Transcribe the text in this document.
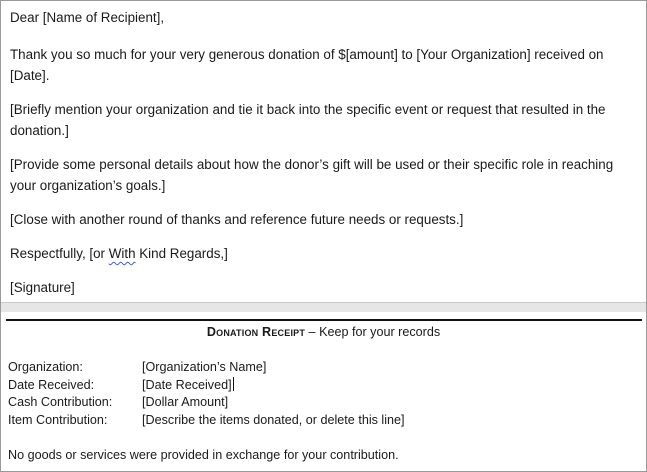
Dear [Name of Recipient],

Thank you so much for your very generous donation of $[amount] to [Your Organization] received on [Date].

[Briefly mention your organization and tie it back into the specific event or request that resulted in the donation.]

[Provide some personal details about how the donor’s gift will be used or their specific role in reaching your organization’s goals.]

[Close with another round of thanks and reference future needs or requests.]

Respectfully, [or With Kind Regards,]

[Signature]

Donation Receipt – Keep for your records
Organization:	[Organization’s Name]
Date Received:	[Date Received]
Cash Contribution:	[Dollar Amount]
Item Contribution:	[Describe the items donated, or delete this line]
No goods or services were provided in exchange for your contribution.
